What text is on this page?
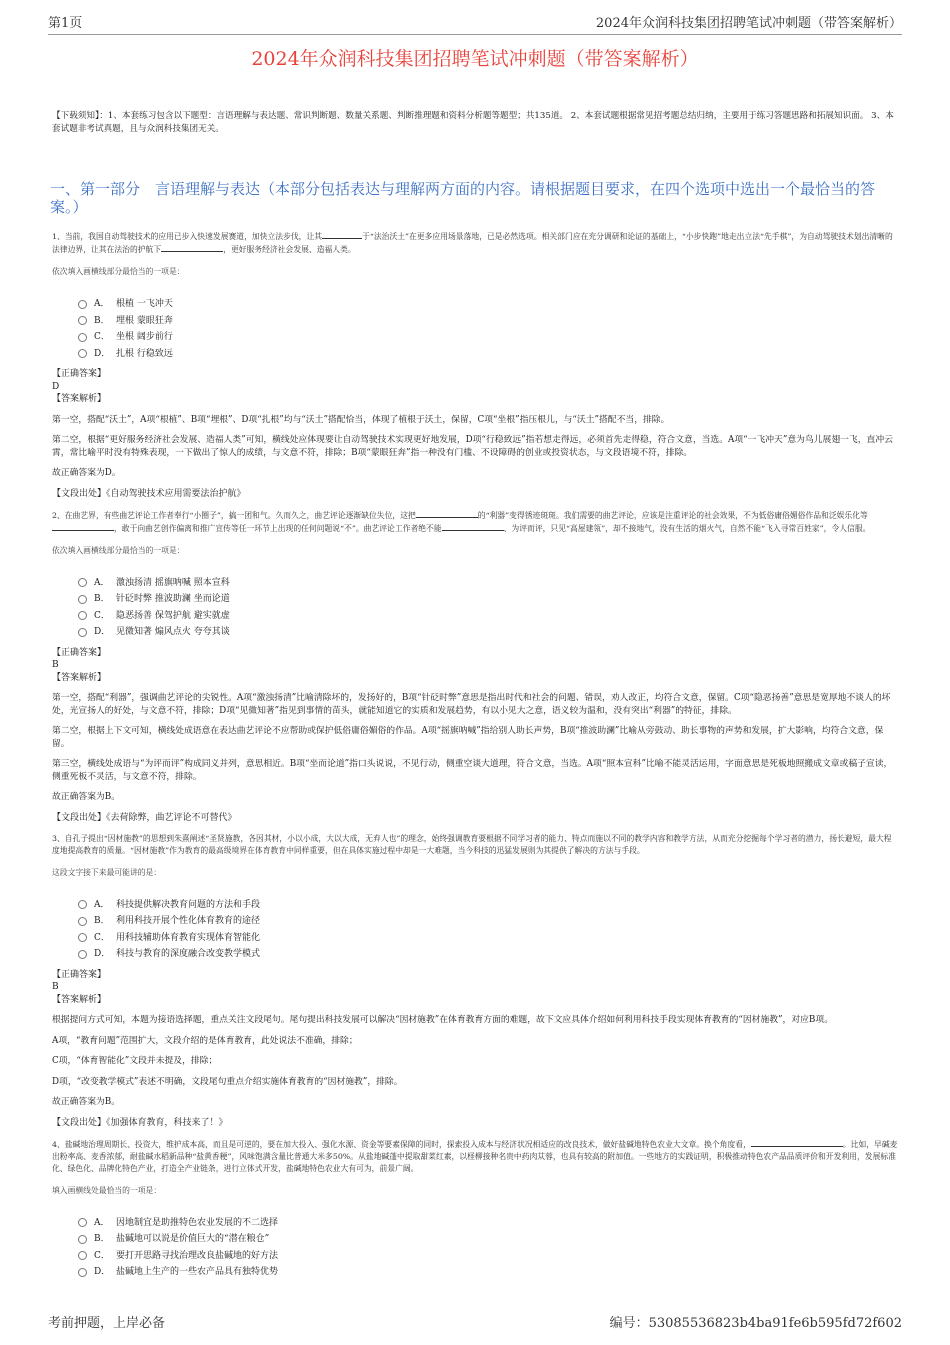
第1页	2024年众润科技集团招聘笔试冲刺题（带答案解析）
2024年众润科技集团招聘笔试冲刺题（带答案解析）

【下载须知】：1、本套练习包含以下题型：言语理解与表达题、常识判断题、数量关系题、判断推理题和资料分析题等题型；共135道。 2、本套试题根据常见招考题总结归纳，主要用于练习答题思路和拓展知识面。 3、本套试题非考试真题，且与众润科技集团无关。

一、第一部分　言语理解与表达（本部分包括表达与理解两方面的内容。请根据题目要求，在四个选项中选出一个最恰当的答案。）

1、当前，我国自动驾驶技术的应用已步入快速发展赛道，加快立法步伐，让其	于“法治沃土”在更多应用场景落地，已是必然选项。相关部门应在充分调研和论证的基础上，“小步快跑”地走出立法“先手棋”，为自动驾驶技术划出清晰的法律边界，让其在法治的护航下	，更好服务经济社会发展、造福人类。

依次填入画横线部分最恰当的一项是：

A． 根植 一飞冲天
B． 埋根 蒙眼狂奔
C． 坐根 阔步前行
D． 扎根 行稳致远
【正确答案】
D
【答案解析】

第一空，搭配“沃土”，A项“根植”、B项“埋根”、D项“扎根”均与“沃土”搭配恰当，体现了植根于沃土，保留，C项“坐根”指压根儿，与“沃土”搭配不当，排除。

第二空，根据“更好服务经济社会发展、造福人类”可知，横线处应体现要让自动驾驶技术实现更好地发展，D项“行稳致远”指若想走得远，必须首先走得稳，符合文意，当选。A项“一飞冲天”意为鸟儿展翅一飞，直冲云霄，常比喻平时没有特殊表现，一下做出了惊人的成绩，与文意不符，排除；B项“蒙眼狂奔”指一种没有门槛、不设障碍的创业或投资状态，与文段语境不符，排除。

故正确答案为D。

【文段出处】《自动驾驶技术应用需要法治护航》

2、在曲艺界，有些曲艺评论工作者奉行“小圈子”，搞一团和气。久而久之，曲艺评论逐渐缺位失位，这把	的“利器”变得锈迹斑斑。我们需要的曲艺评论，应该是注重评论的社会效果，不为低俗庸俗媚俗作品和泛娱乐化等，敢于向曲艺创作偏离和推广宣传等任一环节上出现的任何问题说“不”。曲艺评论工作者绝不能	、为评而评，只见“高屋建瓴”，却不接地气，没有生活的烟火气，自然不能“飞入寻常百姓家”，令人信服。

依次填入画横线部分最恰当的一项是：

A． 激浊扬清 摇旗呐喊 照本宣科
B． 针砭时弊 推波助澜 坐而论道
C． 隐恶扬善 保驾护航 避实就虚
D． 见微知著 煽风点火 夸夸其谈
【正确答案】
B
【答案解析】

第一空，搭配“利器”，强调曲艺评论的尖锐性。A项“激浊扬清”比喻清除坏的，发扬好的，B项“针砭时弊”意思是指出时代和社会的问题、错误，劝人改正，均符合文意，保留。C项“隐恶扬善”意思是宽厚地不谈人的坏处，光宣扬人的好处，与文意不符，排除；D项“见微知著”指见到事情的苗头，就能知道它的实质和发展趋势，有以小见大之意，语义较为温和，没有突出“利器”的特征，排除。

第二空，根据上下文可知，横线处成语意在表达曲艺评论不应帮助或保护低俗庸俗媚俗的作品。A项“摇旗呐喊”指给别人助长声势，B项“推波助澜”比喻从旁鼓动、助长事物的声势和发展，扩大影响，均符合文意，保留。

第三空，横线处成语与“为评而评”构成同义并列，意思相近。B项“坐而论道”指口头说说，不见行动，侧重空谈大道理，符合文意，当选。A项“照本宣科”比喻不能灵活运用，字面意思是死板地照搬成文章或稿子宣读，侧重死板不灵活，与文意不符，排除。

故正确答案为B。

【文段出处】《去荷除弊，曲艺评论不可替代》

3、自孔子提出“因材施教”的思想到朱熹阐述“圣贤施教，各因其材，小以小成，大以大成，无弃人也”的理念，始终强调教育要根据不同学习者的能力、特点而施以不同的教学内容和教学方法，从而充分挖掘每个学习者的潜力，扬长避短，最大程度地提高教育的质量。“因材施教”作为教育的最高级境界在体育教育中同样重要，但在具体实施过程中却是一大难题，当今科技的迅猛发展则为其提供了解决的方法与手段。

这段文字接下来最可能讲的是：

A． 科技提供解决教育问题的方法和手段
B． 利用科技开展个性化体育教育的途径
C． 用科技辅助体育教育实现体育智能化
D． 科技与教育的深度融合改变教学模式
【正确答案】
B
【答案解析】

根据提问方式可知，本题为接语选择题，重点关注文段尾句。尾句提出科技发展可以解决“因材施教”在体育教育方面的难题，故下文应具体介绍如何利用科技手段实现体育教育的“因材施教”，对应B项。

A项，“教育问题”范围扩大，文段介绍的是体育教育，此处说法不准确，排除；

C项，“体育智能化”文段并未提及，排除；

D项，“改变教学模式”表述不明确，文段尾句重点介绍实施体育教育的“因材施教”，排除。

故正确答案为B。

【文段出处】《加强体育教育，科技来了！》

4、盐碱地治理周期长、投资大，维护成本高，而且是可逆的，要在加大投入、强化水源、资金等要素保障的同时，探索投入成本与经济状况相适应的改良技术，做好盐碱地特色农业大文章。换个角度看，	。比如，早碱麦出粉率高、麦香浓郁，耐盐碱水稻新品种“盐黄香粳”，风味饱满含量比普通大米多50%。从盐地碱蓬中提取甜菜红素，以柽柳接种名贵中药肉苁蓉，也具有较高的附加值。一些地方的实践证明，积极推动特色农产品品质评价和开发利用，发展标准化、绿色化、品牌化特色产业，打造全产业链条，进行立体式开发，盐碱地特色农业大有可为，前景广阔。

填入画横线处最恰当的一项是：

A． 因地制宜是助推特色农业发展的不二选择
B． 盐碱地可以说是价值巨大的“潜在粮仓”
C． 要打开思路寻找治理改良盐碱地的好方法
D． 盐碱地上生产的一些农产品具有独特优势
考前押题，上岸必备	编号：53085536823b4ba91fe6b595fd72f602
